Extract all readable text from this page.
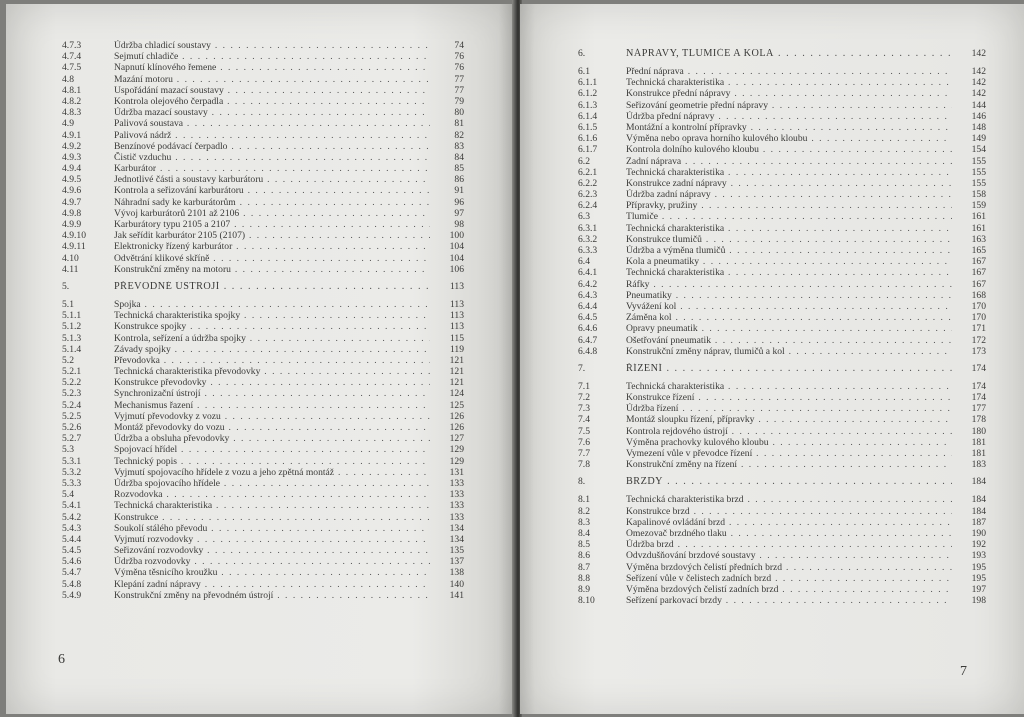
4.7.3	Údržba chladicí soustavy . . .	74
4.7.4	Sejmutí chladiče . . .	76
4.7.5	Napnutí klínového řemene . . .	76
4.8	Mazání motoru . . .	77
4.8.1	Uspořádání mazací soustavy . . .	77
4.8.2	Kontrola olejového čerpadla . . .	79
4.8.3	Údržba mazací soustavy . . .	80
4.9	Palivová soustava . . .	81
4.9.1	Palivová nádrž . . .	82
4.9.2	Benzínové podávací čerpadlo . . .	83
4.9.3	Čistič vzduchu . . .	84
4.9.4	Karburátor . . .	85
4.9.5	Jednotlivé části a soustavy karburátoru . . .	86
4.9.6	Kontrola a seřizování karburátoru . . .	91
4.9.7	Náhradní sady ke karburátorům . . .	96
4.9.8	Vývoj karburátorů 2101 až 2106 . . .	97
4.9.9	Karburátory typu 2105 a 2107 . . .	98
4.9.10	Jak seřídit karburátor 2105 (2107) . . .	100
4.9.11	Elektronicky řízený karburátor . . .	104
4.10	Odvětrání klikové skříně . . .	104
4.11	Konstrukční změny na motoru . . .	106
5.	PŘEVODNÉ ÚSTROJÍ . . .	113
5.1	Spojka . . .	113
5.1.1	Technická charakteristika spojky . . .	113
5.1.2	Konstrukce spojky . . .	113
5.1.3	Kontrola, seřízení a údržba spojky . . .	115
5.1.4	Závady spojky . . .	119
5.2	Převodovka . . .	121
5.2.1	Technická charakteristika převodovky . . .	121
5.2.2	Konstrukce převodovky . . .	121
5.2.3	Synchronizační ústrojí . . .	124
5.2.4	Mechanismus řazení . . .	125
5.2.5	Vyjmutí převodovky z vozu . . .	126
5.2.6	Montáž převodovky do vozu . . .	126
5.2.7	Údržba a obsluha převodovky . . .	127
5.3	Spojovací hřídel . . .	129
5.3.1	Technický popis . . .	129
5.3.2	Vyjmutí spojovacího hřídele z vozu a jeho zpětná montáž . . .	131
5.3.3	Údržba spojovacího hřídele . . .	133
5.4	Rozvodovka . . .	133
5.4.1	Technická charakteristika . . .	133
5.4.2	Konstrukce . . .	133
5.4.3	Soukolí stálého převodu . . .	134
5.4.4	Vyjmutí rozvodovky . . .	134
5.4.5	Seřizování rozvodovky . . .	135
5.4.6	Údržba rozvodovky . . .	137
5.4.7	Výměna těsnicího kroužku . . .	138
5.4.8	Klepání zadní nápravy . . .	140
5.4.9	Konstrukční změny na převodném ústrojí . . .	141
6
6.	NÁPRAVY, TLUMIČE A KOLA . . .	142
6.1	Přední náprava . . .	142
6.1.1	Technická charakteristika . . .	142
6.1.2	Konstrukce přední nápravy . . .	142
6.1.3	Seřizování geometrie přední nápravy . . .	144
6.1.4	Údržba přední nápravy . . .	146
6.1.5	Montážní a kontrolní přípravky . . .	148
6.1.6	Výměna nebo oprava horního kulového kloubu . . .	149
6.1.7	Kontrola dolního kulového kloubu . . .	154
6.2	Zadní náprava . . .	155
6.2.1	Technická charakteristika . . .	155
6.2.2	Konstrukce zadní nápravy . . .	155
6.2.3	Údržba zadní nápravy . . .	158
6.2.4	Přípravky, pružiny . . .	159
6.3	Tlumiče . . .	161
6.3.1	Technická charakteristika . . .	161
6.3.2	Konstrukce tlumičů . . .	163
6.3.3	Údržba a výměna tlumičů . . .	165
6.4	Kola a pneumatiky . . .	167
6.4.1	Technická charakteristika . . .	167
6.4.2	Ráfky . . .	167
6.4.3	Pneumatiky . . .	168
6.4.4	Vyvážení kol . . .	170
6.4.5	Záměna kol . . .	170
6.4.6	Opravy pneumatik . . .	171
6.4.7	Ošetřování pneumatik . . .	172
6.4.8	Konstrukční změny náprav, tlumičů a kol . . .	173
7.	ŘÍZENÍ . . .	174
7.1	Technická charakteristika . . .	174
7.2	Konstrukce řízení . . .	174
7.3	Údržba řízení . . .	177
7.4	Montáž sloupku řízení, přípravky . . .	178
7.5	Kontrola rejdového ústrojí . . .	180
7.6	Výměna prachovky kulového kloubu . . .	181
7.7	Vymezení vůle v převodce řízení . . .	181
7.8	Konstrukční změny na řízení . . .	183
8.	BRZDY . . .	184
8.1	Technická charakteristika brzd . . .	184
8.2	Konstrukce brzd . . .	184
8.3	Kapalinové ovládání brzd . . .	187
8.4	Omezovač brzdného tlaku . . .	190
8.5	Údržba brzd . . .	192
8.6	Odvzdušňování brzdové soustavy . . .	193
8.7	Výměna brzdových čelistí předních brzd . . .	195
8.8	Seřízení vůle v čelistech zadních brzd . . .	195
8.9	Výměna brzdových čelistí zadních brzd . . .	197
8.10	Seřízení parkovací brzdy . . .	198
7
